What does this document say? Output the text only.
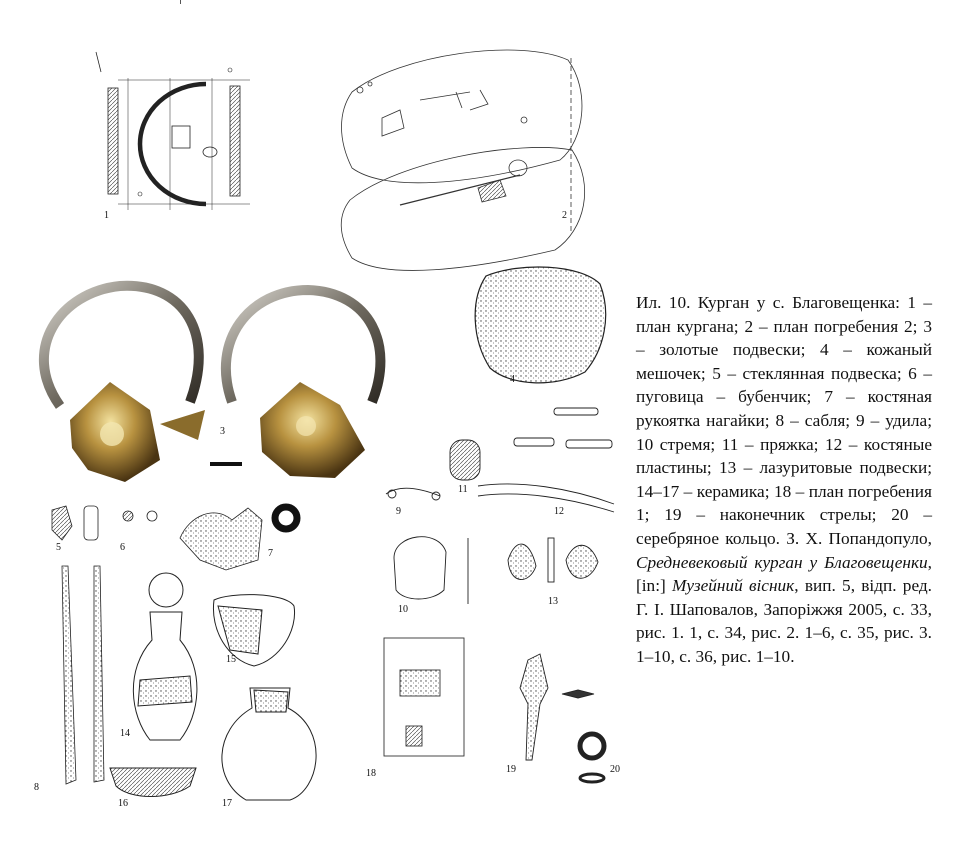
1	2
3
4
5	6
7
8
9
10
11
12
13
14
15
16	17
18	19	20
Ил. 10. Курган у с. Благовещенка: 1 – план кургана; 2 – план погребения 2; 3 – золотые подвески; 4 – кожаный мешочек; 5 – стеклянная подвеска; 6 – пуговица – бубенчик; 7 – костяная рукоятка нагайки; 8 – сабля; 9 – удила; 10 стремя; 11 – пряжка; 12 – костяные пластины; 13 – лазуритовые подвески; 14–17 – керамика; 18 – план погребения 1; 19 – наконечник стрелы; 20 – серебряное кольцо. З. Х. Попандопуло, Средневековый курган у Благовещенки, [in:] Музейний вісник, вип. 5, відп. ред. Г. І. Шаповалов, Запоріжжя 2005, с. 33, рис. 1. 1, с. 34, рис. 2. 1–6, с. 35, рис. 3. 1–10, с. 36, рис. 1–10.
